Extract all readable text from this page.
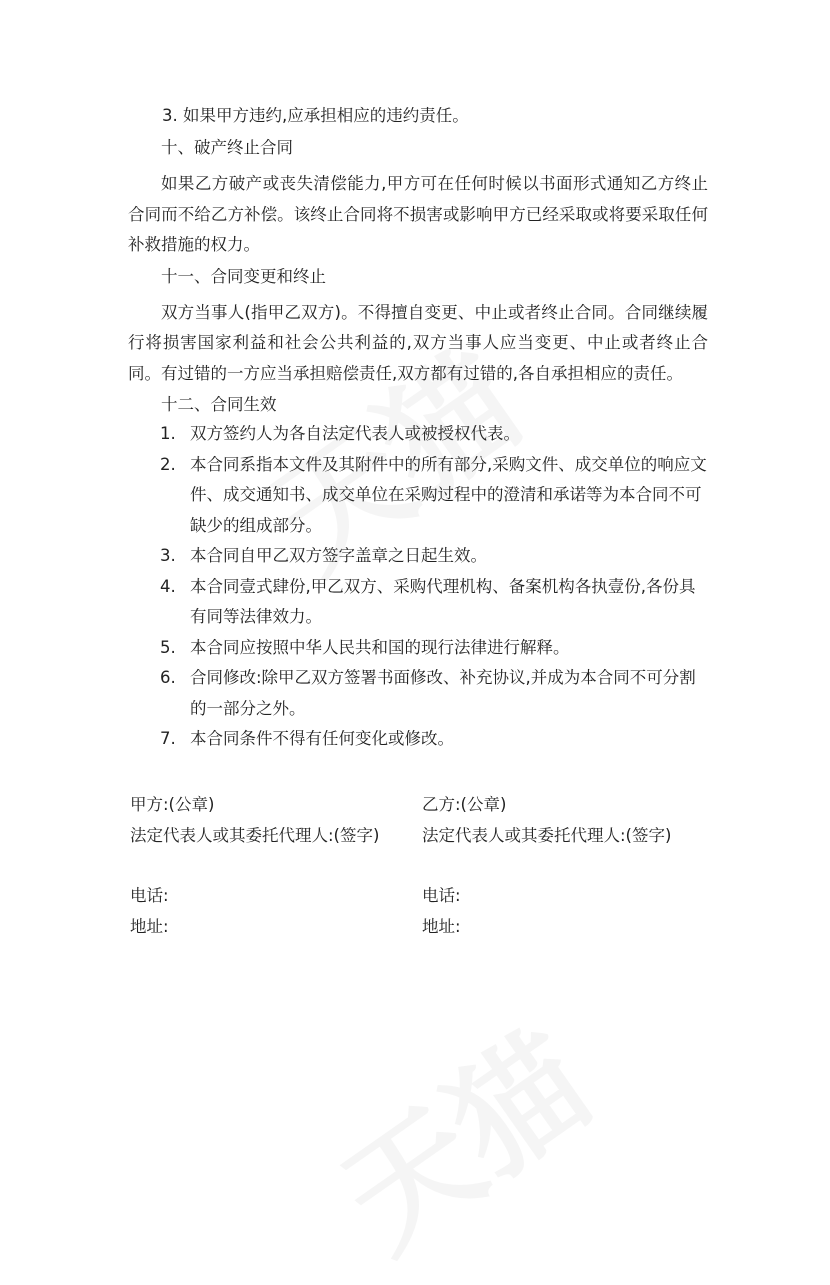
3. 如果甲方违约,应承担相应的违约责任。

十、破产终止合同

如果乙方破产或丧失清偿能力,甲方可在任何时候以书面形式通知乙方终止合同而不给乙方补偿。该终止合同将不损害或影响甲方已经采取或将要采取任何补救措施的权力。

十一、合同变更和终止

双方当事人(指甲乙双方)。不得擅自变更、中止或者终止合同。合同继续履行将损害国家利益和社会公共利益的,双方当事人应当变更、中止或者终止合同。有过错的一方应当承担赔偿责任,双方都有过错的,各自承担相应的责任。

十二、合同生效

1. 双方签约人为各自法定代表人或被授权代表。
2. 本合同系指本文件及其附件中的所有部分,采购文件、成交单位的响应文件、成交通知书、成交单位在采购过程中的澄清和承诺等为本合同不可缺少的组成部分。
3. 本合同自甲乙双方签字盖章之日起生效。
4. 本合同壹式肆份,甲乙双方、采购代理机构、备案机构各执壹份,各份具有同等法律效力。
5. 本合同应按照中华人民共和国的现行法律进行解释。
6. 合同修改:除甲乙双方签署书面修改、补充协议,并成为本合同不可分割的一部分之外。
7. 本合同条件不得有任何变化或修改。

甲方:(公章)

法定代表人或其委托代理人:(签字)

电话:

地址:

乙方:(公章)

法定代表人或其委托代理人:(签字)

电话:

地址:
